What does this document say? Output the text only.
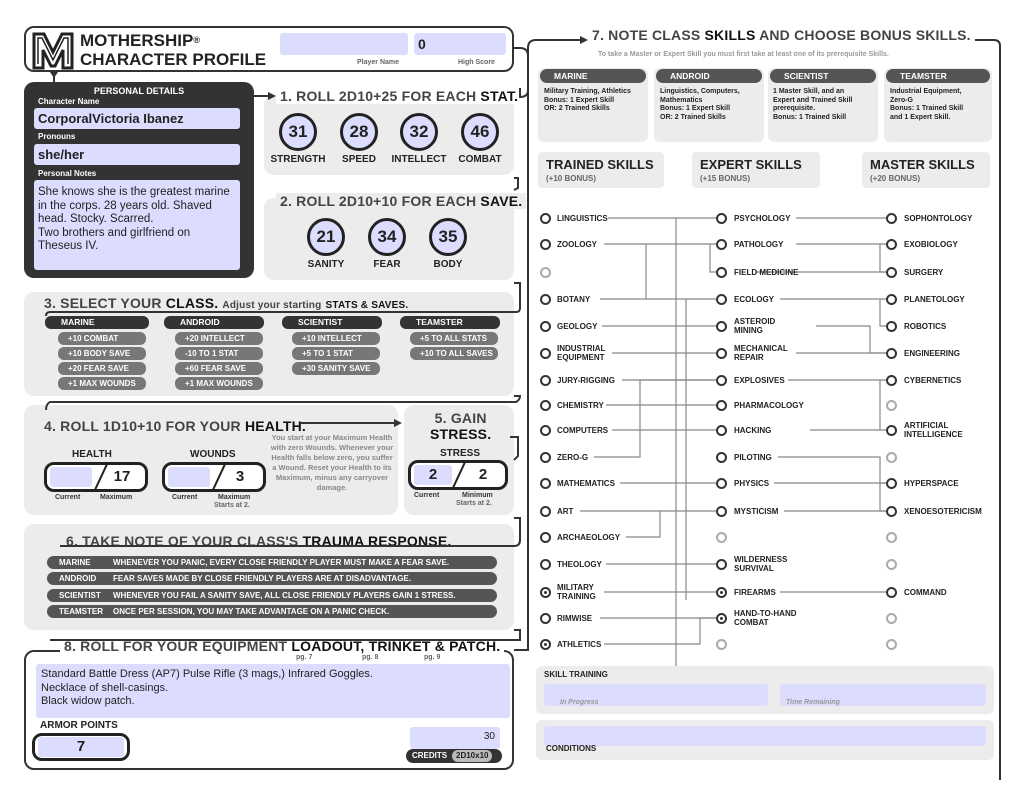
MOTHERSHIP®
CHARACTER PROFILE	Player Name
0
High Score
PERSONAL DETAILS
Character Name
CorporalVictoria Ibanez
Pronouns
she/her
Personal Notes
She knows she is the greatest marine in the corps. 28 years old. Shaved head. Stocky. Scarred.
Two brothers and girlfriend on Theseus IV.
1. ROLL 2D10+25 FOR EACH STAT.
31
STRENGTH
28
SPEED
32
INTELLECT
46
COMBAT
2. ROLL 2D10+10 FOR EACH SAVE.
21
SANITY
34
FEAR
35
BODY
3. SELECT YOUR CLASS. Adjust your starting STATS & SAVES.
MARINE
+10 COMBAT
+10 BODY SAVE
+20 FEAR SAVE
+1 MAX WOUNDS
ANDROID
+20 INTELLECT
-10 TO 1 STAT
+60 FEAR SAVE
+1 MAX WOUNDS
SCIENTIST
+10 INTELLECT
+5 TO 1 STAT
+30 SANITY SAVE
TEAMSTER
+5 TO ALL STATS
+10 TO ALL SAVES
4. ROLL 1D10+10 FOR YOUR HEALTH.
HEALTH
17
Current	Maximum
WOUNDS
3
Current	Maximum
Starts at 2.
You start at your Maximum Health with zero Wounds. Whenever your Health falls below zero, you suffer a Wound. Reset your Health to its Maximum, minus any carryover damage.
5. GAIN
STRESS.
STRESS
2	2
Current	Minimum
Starts at 2.
6. TAKE NOTE OF YOUR CLASS'S TRAUMA RESPONSE.
MARINE	WHENEVER YOU PANIC, EVERY CLOSE FRIENDLY PLAYER MUST MAKE A FEAR SAVE.
ANDROID FEAR SAVES MADE BY CLOSE FRIENDLY PLAYERS ARE AT DISADVANTAGE.
SCIENTIST WHENEVER YOU FAIL A SANITY SAVE, ALL CLOSE FRIENDLY PLAYERS GAIN 1 STRESS.
TEAMSTER ONCE PER SESSION, YOU MAY TAKE ADVANTAGE ON A PANIC CHECK.
8. ROLL FOR YOUR EQUIPMENT LOADOUT, TRINKET & PATCH.
pg. 7	pg. 8	pg. 9
Standard Battle Dress (AP7) Pulse Rifle (3 mags,) Infrared Goggles.
Necklace of shell-casings.
Black widow patch.
ARMOR POINTS
7
30
CREDITS	2D10x10
7. NOTE CLASS SKILLS AND CHOOSE BONUS SKILLS.
To take a Master or Expert Skill you must first take at least one of its prerequisite Skills.
MARINE
Military Training, Athletics
Bonus: 1 Expert Skill
OR: 2 Trained Skills
ANDROID
Linguistics, Computers,
Mathematics
Bonus: 1 Expert Skill
OR: 2 Trained Skills
SCIENTIST
1 Master Skill, and an
Expert and Trained Skill
prerequisite.
Bonus: 1 Trained Skill
TEAMSTER
Industrial Equipment,
Zero-G
Bonus: 1 Trained Skill
and 1 Expert Skill.
TRAINED SKILLS
(+10 BONUS)
EXPERT SKILLS
(+15 BONUS)
MASTER SKILLS
(+20 BONUS)
LINGUISTICS
ZOOLOGY
BOTANY
GEOLOGY
INDUSTRIAL EQUIPMENT
JURY-RIGGING
CHEMISTRY
COMPUTERS
ZERO-G
MATHEMATICS
ART
ARCHAEOLOGY
THEOLOGY
MILITARY TRAINING
RIMWISE
ATHLETICS
PSYCHOLOGY
PATHOLOGY
FIELD MEDICINE
ECOLOGY
ASTEROID MINING
MECHANICAL REPAIR
EXPLOSIVES
PHARMACOLOGY
HACKING
PILOTING
PHYSICS
MYSTICISM
WILDERNESS SURVIVAL
FIREARMS
HAND-TO-HAND COMBAT
SOPHONTOLOGY
EXOBIOLOGY
SURGERY
PLANETOLOGY
ROBOTICS
ENGINEERING
CYBERNETICS
ARTIFICIAL INTELLIGENCE
HYPERSPACE
XENOESOTERICISM
COMMAND
SKILL TRAINING
In Progress	Time Remaining
CONDITIONS
